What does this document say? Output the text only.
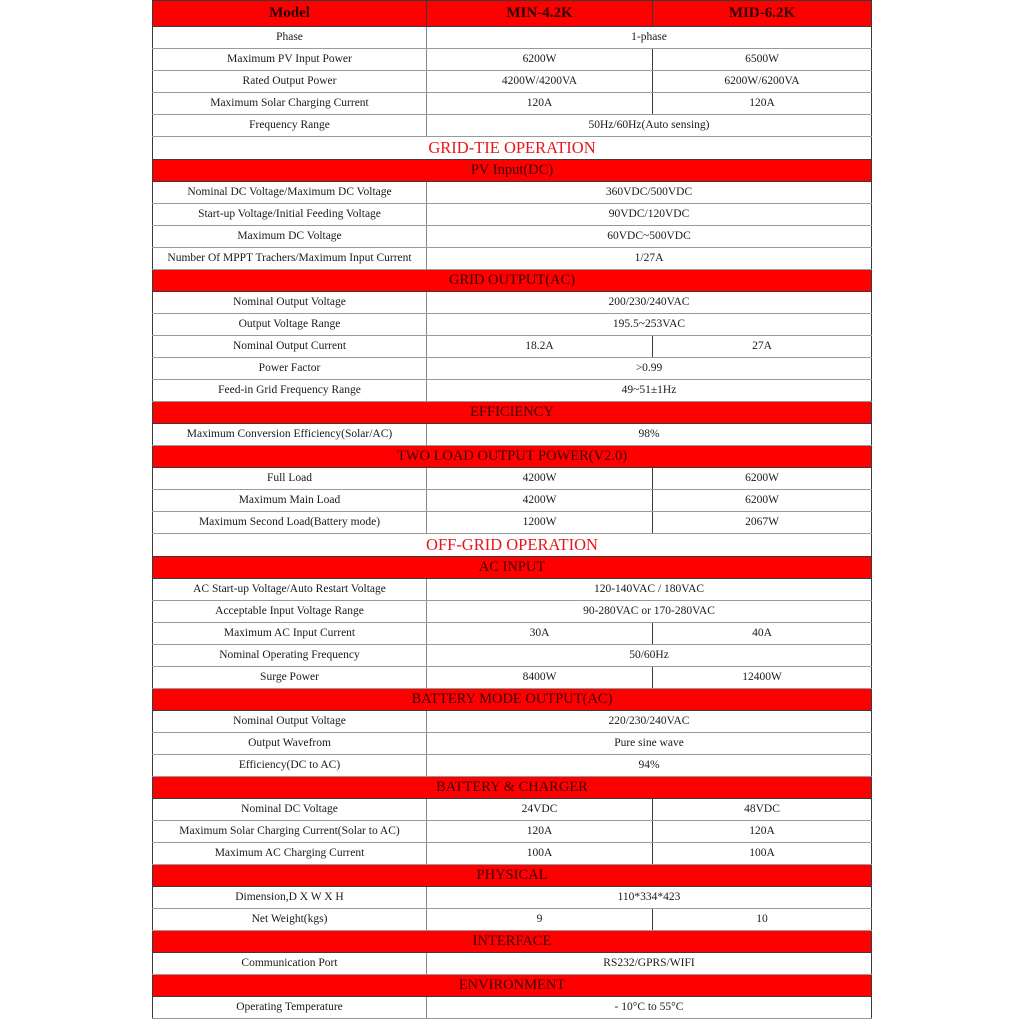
Model	MIN-4.2K	MID-6.2K
Phase	1-phase	
Maximum PV Input Power	6200W	6500W
Rated Output Power	4200W/4200VA	6200W/6200VA
Maximum Solar Charging Current	120A	120A
Frequency Range	50Hz/60Hz(Auto sensing)	
GRID-TIE OPERATION		
PV Input(DC)		
Nominal DC Voltage/Maximum DC Voltage	360VDC/500VDC	
Start-up Voltage/Initial Feeding Voltage	90VDC/120VDC	
Maximum DC Voltage	60VDC~500VDC	
Number Of MPPT Trachers/Maximum Input Current	1/27A	
GRID OUTPUT(AC)		
Nominal Output Voltage	200/230/240VAC	
Output Voltage Range	195.5~253VAC	
Nominal Output Current	18.2A	27A
Power Factor	>0.99	
Feed-in Grid Frequency Range	49~51±1Hz	
EFFICIENCY		
Maximum Conversion Efficiency(Solar/AC)	98%	
TWO LOAD OUTPUT POWER(V2.0)		
Full Load	4200W	6200W
Maximum Main Load	4200W	6200W
Maximum Second Load(Battery mode)	1200W	2067W
OFF-GRID OPERATION		
AC INPUT		
AC Start-up Voltage/Auto Restart Voltage	120-140VAC / 180VAC	
Acceptable Input Voltage Range	90-280VAC or 170-280VAC	
Maximum AC Input Current	30A	40A
Nominal Operating Frequency	50/60Hz	
Surge Power	8400W	12400W
BATTERY MODE OUTPUT(AC)		
Nominal Output Voltage	220/230/240VAC	
Output Wavefrom	Pure sine wave	
Efficiency(DC to AC)	94%	
BATTERY & CHARGER		
Nominal DC Voltage	24VDC	48VDC
Maximum Solar Charging Current(Solar to AC)	120A	120A
Maximum AC Charging Current	100A	100A
PHYSICAL		
Dimension,D X W X H	110*334*423	
Net Weight(kgs)	9	10
INTERFACE		
Communication Port	RS232/GPRS/WIFI	
ENVIRONMENT		
Operating Temperature	- 10°C to 55°C	
